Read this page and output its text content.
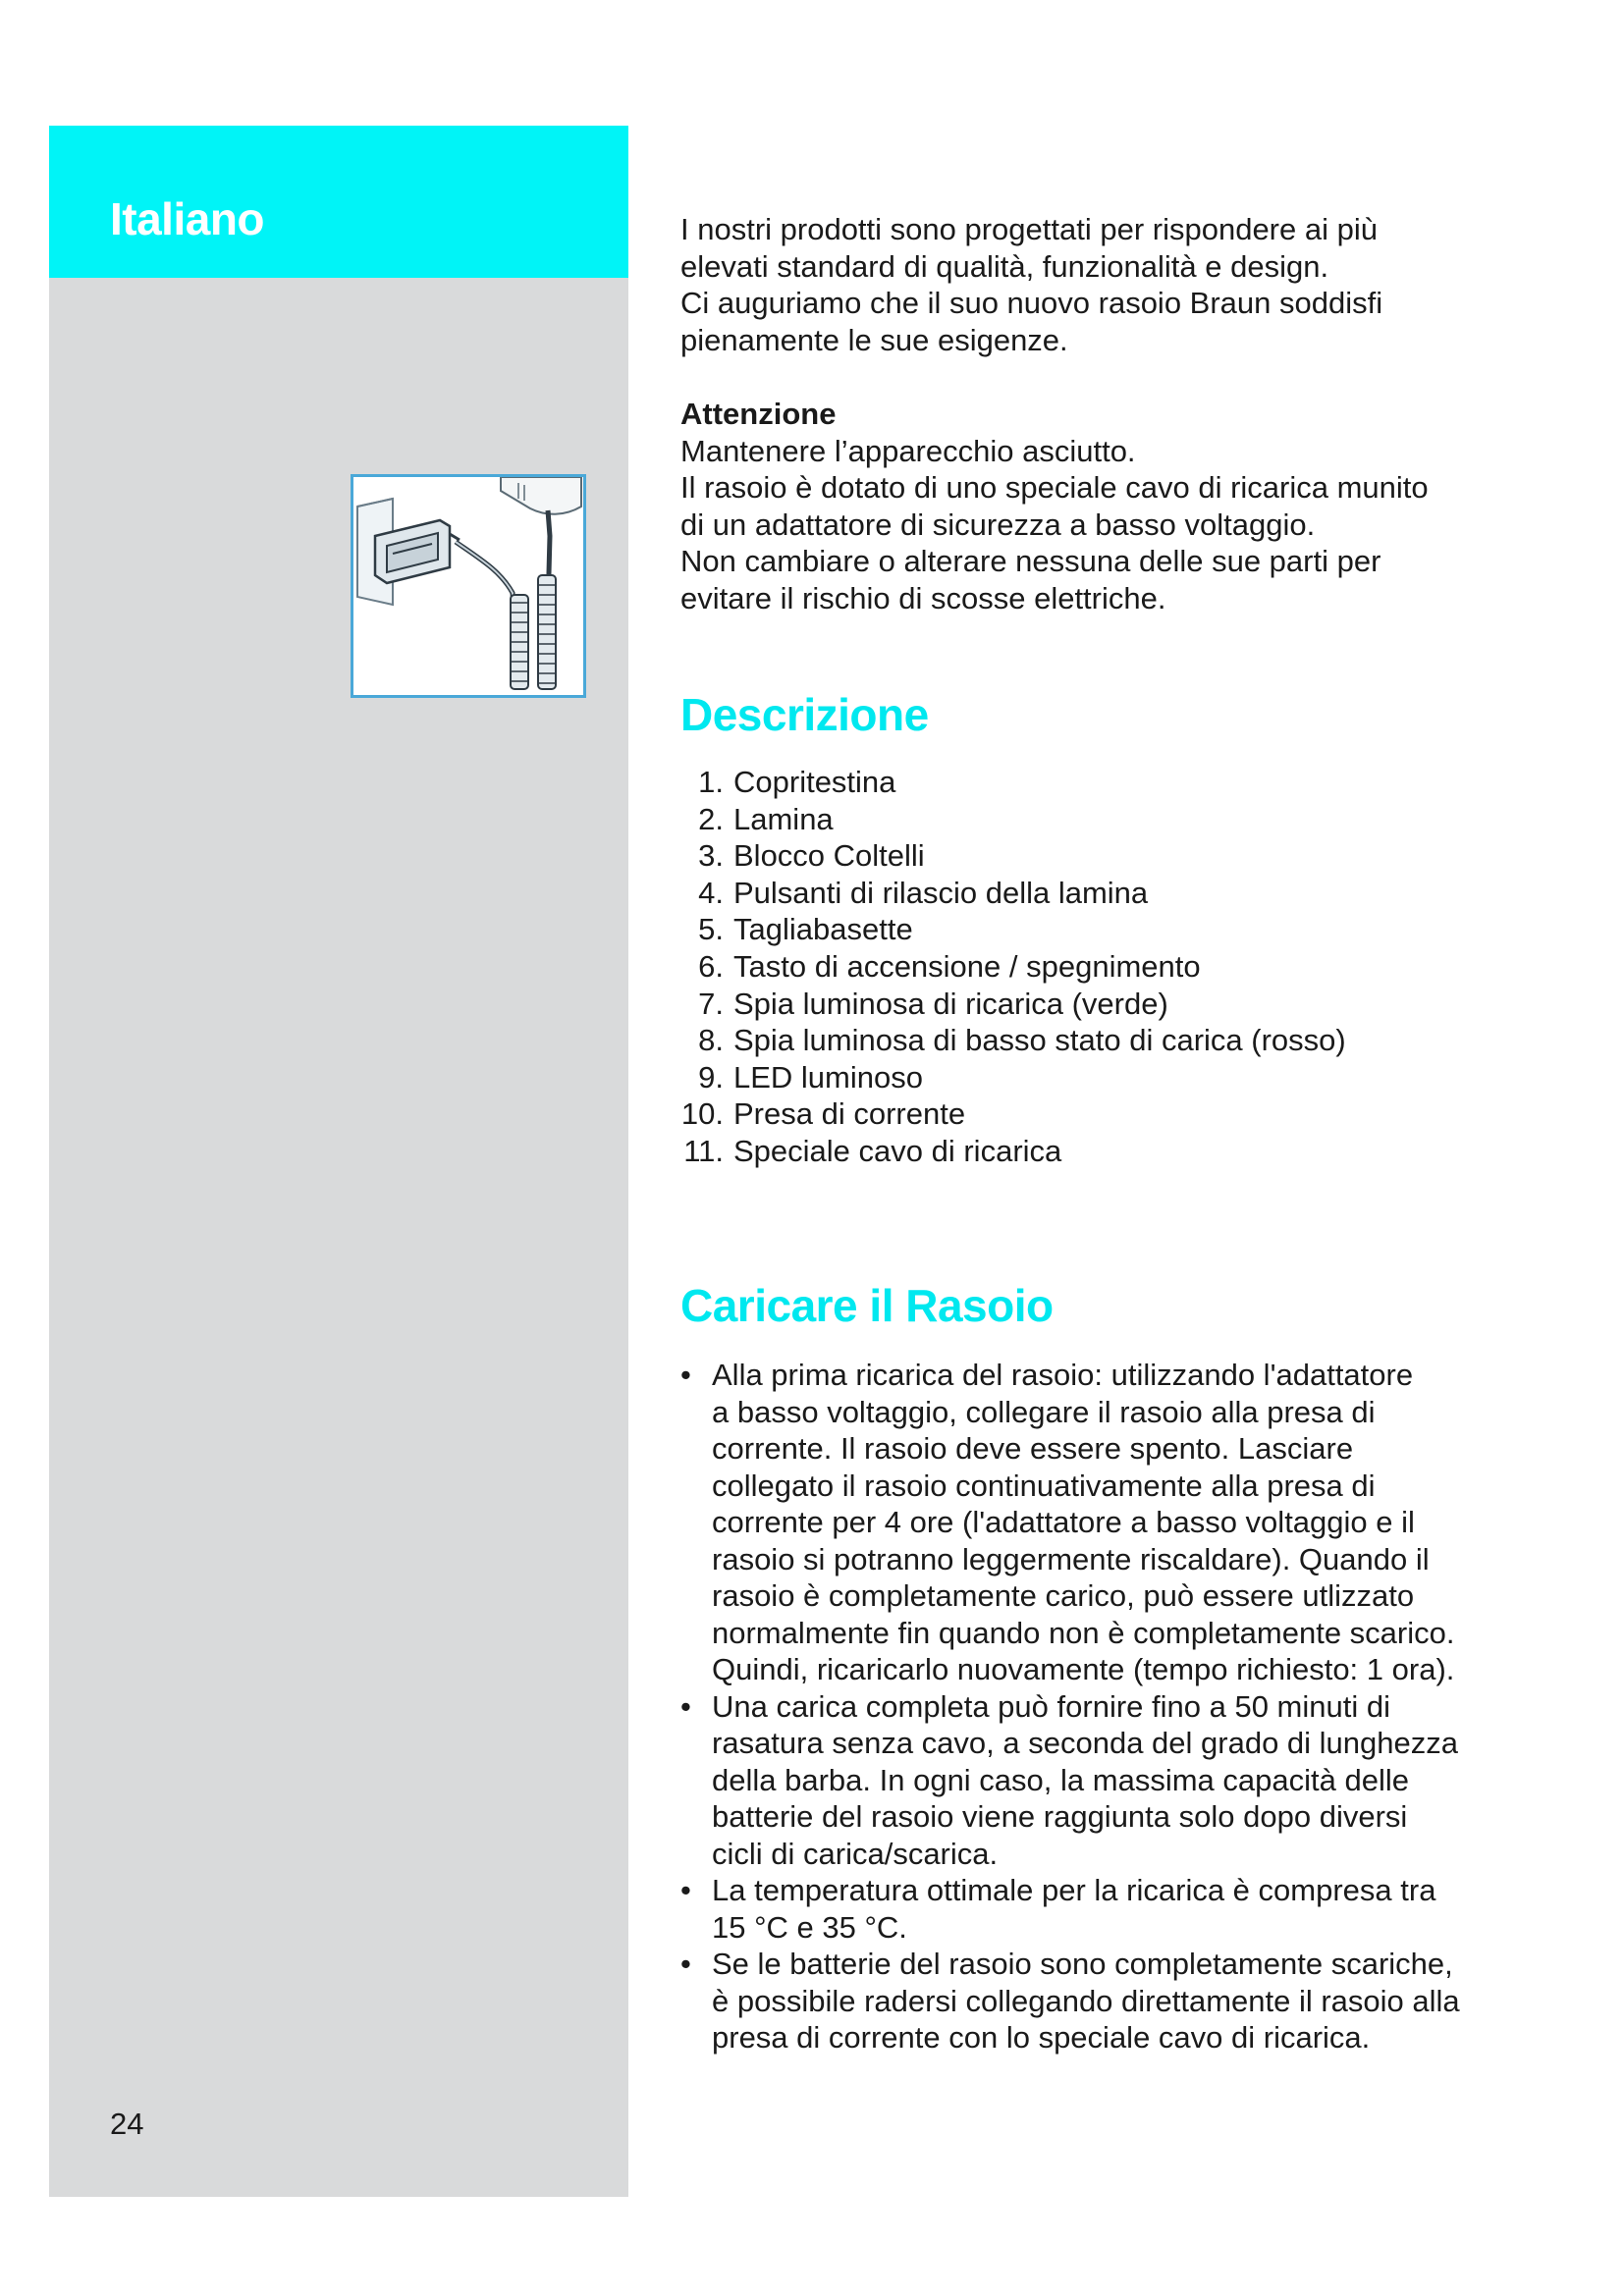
Italiano
24

I nostri prodotti sono progettati per rispondere ai più
elevati standard di qualità, funzionalità e design.
Ci auguriamo che il suo nuovo rasoio Braun soddisfi
pienamente le sue esigenze.

Attenzione
Mantenere l’apparecchio asciutto.
Il rasoio è dotato di uno speciale cavo di ricarica munito
di un adattatore di sicurezza a basso voltaggio.
Non cambiare o alterare nessuna delle sue parti per
evitare il rischio di scosse elettriche.

Descrizione
1. Copritestina
2. Lamina
3. Blocco Coltelli
4. Pulsanti di rilascio della lamina
5. Tagliabasette
6. Tasto di accensione / spegnimento
7. Spia luminosa di ricarica (verde)
8. Spia luminosa di basso stato di carica (rosso)
9. LED luminoso
10. Presa di corrente
11. Speciale cavo di ricarica
Caricare il Rasoio
• Alla prima ricarica del rasoio: utilizzando l'adattatore
a basso voltaggio, collegare il rasoio alla presa di
corrente. Il rasoio deve essere spento. Lasciare
collegato il rasoio continuativamente alla presa di
corrente per 4 ore (l'adattatore a basso voltaggio e il
rasoio si potranno leggermente riscaldare). Quando il
rasoio è completamente carico, può essere utlizzato
normalmente fin quando non è completamente scarico.
Quindi, ricaricarlo nuovamente (tempo richiesto: 1 ora).
• Una carica completa può fornire fino a 50 minuti di
rasatura senza cavo, a seconda del grado di lunghezza
della barba. In ogni caso, la massima capacità delle
batterie del rasoio viene raggiunta solo dopo diversi
cicli di carica/scarica.
• La temperatura ottimale per la ricarica è compresa tra
15 °C e 35 °C.
• Se le batterie del rasoio sono completamente scariche,
è possibile radersi collegando direttamente il rasoio alla
presa di corrente con lo speciale cavo di ricarica.
